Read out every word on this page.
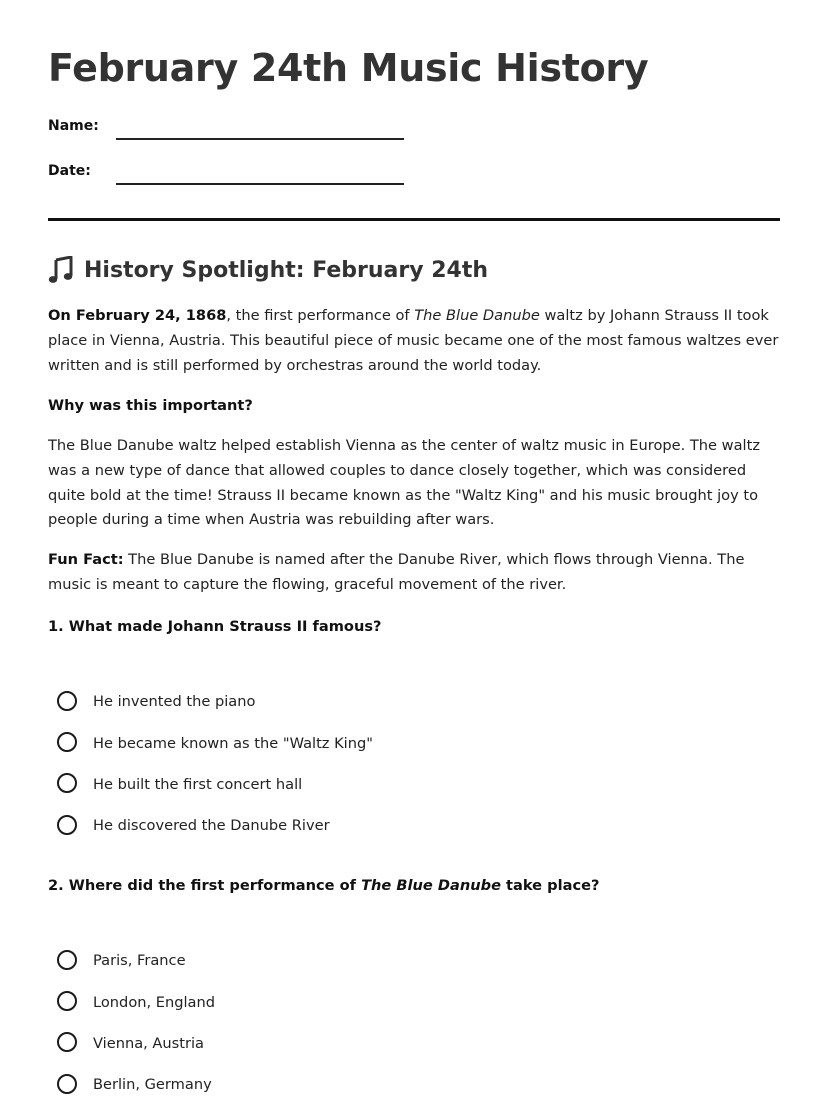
February 24th Music History
Name:
Date:
History Spotlight: February 24th

On February 24, 1868, the first performance of The Blue Danube waltz by Johann Strauss II took place in Vienna, Austria. This beautiful piece of music became one of the most famous waltzes ever written and is still performed by orchestras around the world today.

Why was this important?

The Blue Danube waltz helped establish Vienna as the center of waltz music in Europe. The waltz was a new type of dance that allowed couples to dance closely together, which was considered quite bold at the time! Strauss II became known as the "Waltz King" and his music brought joy to people during a time when Austria was rebuilding after wars.

Fun Fact: The Blue Danube is named after the Danube River, which flows through Vienna. The music is meant to capture the flowing, graceful movement of the river.

1. What made Johann Strauss II famous?

He invented the piano
He became known as the "Waltz King"
He built the first concert hall
He discovered the Danube River

2. Where did the first performance of The Blue Danube take place?

Paris, France
London, England
Vienna, Austria
Berlin, Germany
